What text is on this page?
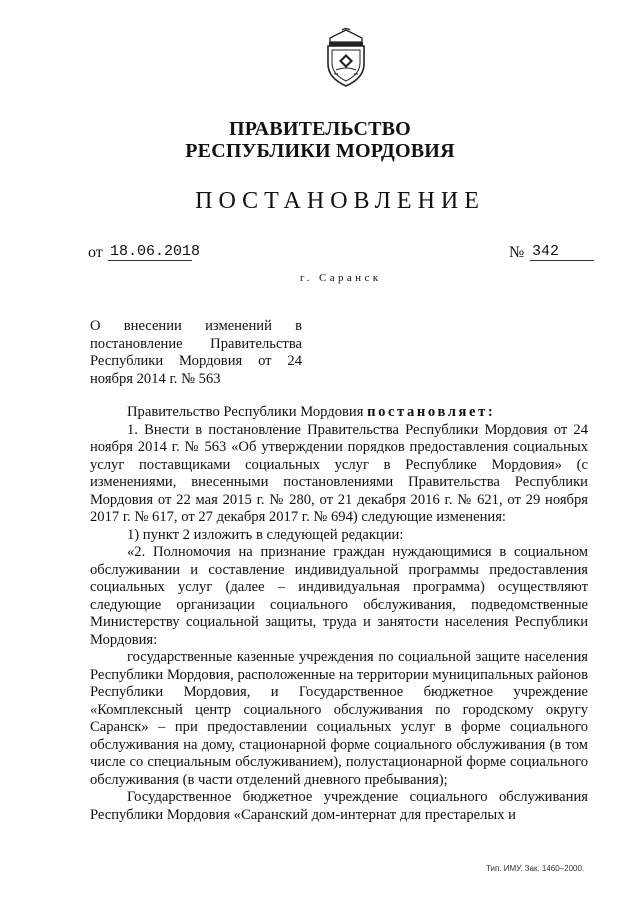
ПРАВИТЕЛЬСТВО
РЕСПУБЛИКИ МОРДОВИЯ
ПОСТАНОВЛЕНИЕ
от 18.06.2018	№ 342
г. Саранск
О внесении изменений в постановление Правительства Республики Мордовия от 24 ноября 2014 г. № 563

Правительство Республики Мордовия постановляет:

1. Внести в постановление Правительства Республики Мордовия от 24 ноября 2014 г. № 563 «Об утверждении порядков предоставления социальных услуг поставщиками социальных услуг в Республике Мордовия» (с изменениями, внесенными постановлениями Правительства Республики Мордовия от 22 мая 2015 г. № 280, от 21 декабря 2016 г. № 621, от 29 ноября 2017 г. № 617, от 27 декабря 2017 г. № 694) следующие изменения:

1) пункт 2 изложить в следующей редакции:

«2. Полномочия на признание граждан нуждающимися в социальном обслуживании и составление индивидуальной программы предоставления социальных услуг (далее – индивидуальная программа) осуществляют следующие организации социального обслуживания, подведомственные Министерству социальной защиты, труда и занятости населения Республики Мордовия:

государственные казенные учреждения по социальной защите населения Республики Мордовия, расположенные на территории муниципальных районов Республики Мордовия, и Государственное бюджетное учреждение «Комплексный центр социального обслуживания по городскому округу Саранск» – при предоставлении социальных услуг в форме социального обслуживания на дому, стационарной форме социального обслуживания (в том числе со специальным обслуживанием), полустационарной форме социального обслуживания (в части отделений дневного пребывания);

Государственное бюджетное учреждение социального обслуживания Республики Мордовия «Саранский дом-интернат для престарелых и

Тип. ИМУ. Зак. 1460–2000.
